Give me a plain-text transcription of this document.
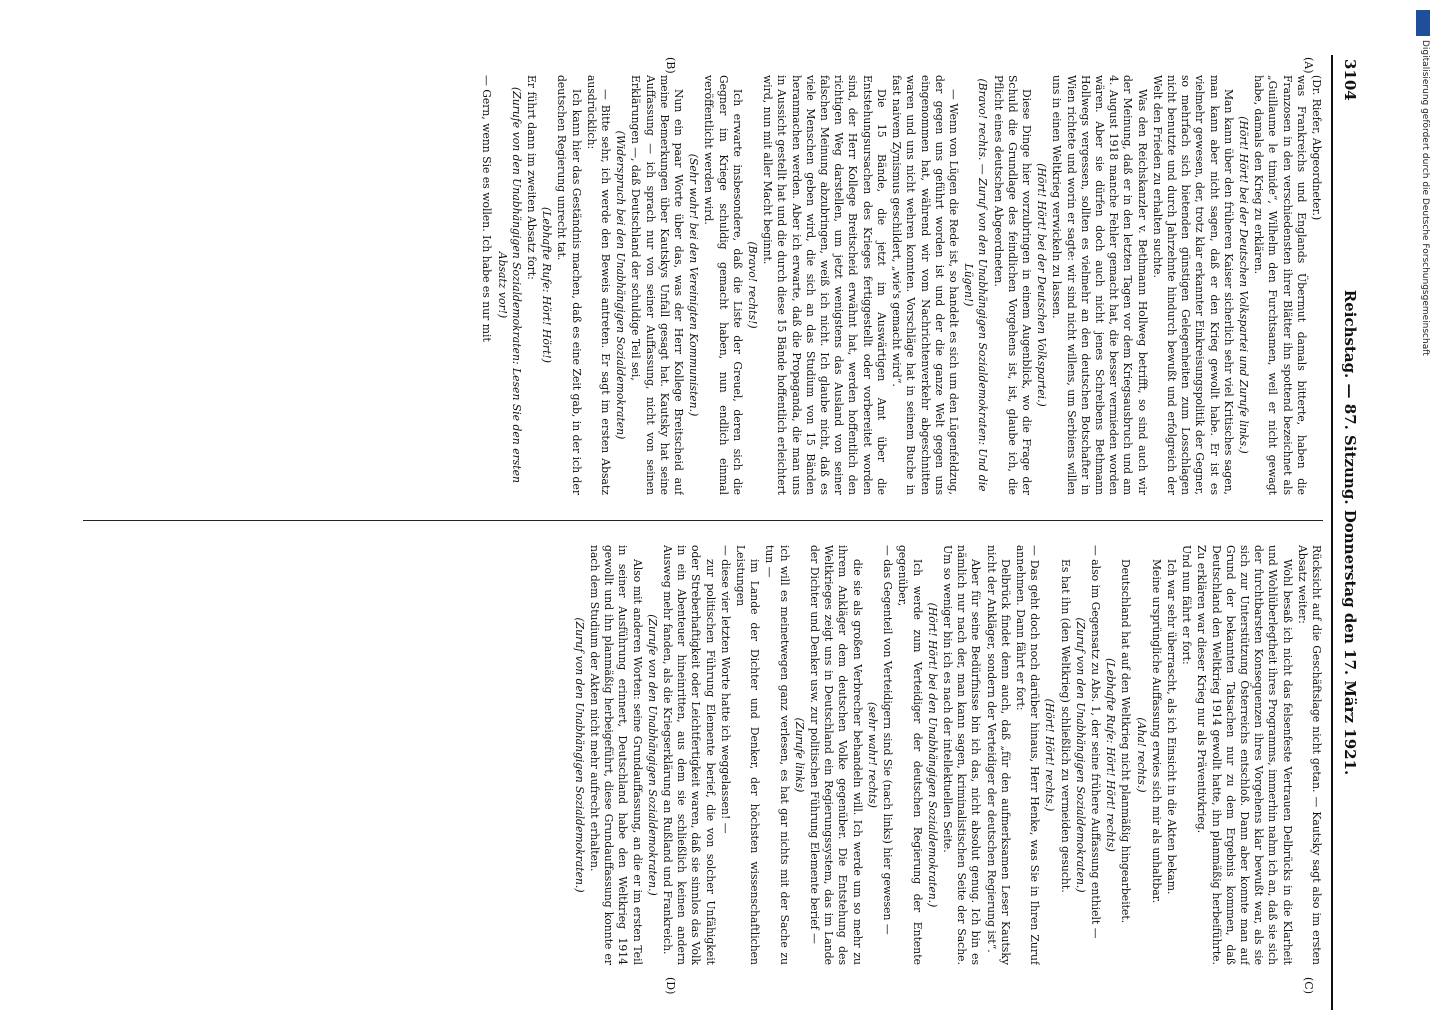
3104
Reichstag. — 87. Sitzung. Donnerstag den 17. März 1921.
(A)
(B)
(C)
(D)

(Dr. Riefer, Abgeordneter.)

was Frankreichs und Englands Übermut damals bitterte, haben die Franzosen in den verschiedensten ihrer Blätter ihn spottend bezeichnet als „Guillaume le timide“, Wilhelm den Furchtsamen, weil er nicht gewagt habe, damals den Krieg zu erklären.

(Hört! Hört! bei der Deutschen Volkspartei und Zurufe links.)

Man kann über den früheren Kaiser sicherlich sehr viel Kritisches sagen, man kann aber nicht sagen, daß er den Krieg gewollt habe. Er ist es vielmehr gewesen, der, trotz klar erkannter Einkreisungspolitik der Gegner, so mehrfach sich bietenden günstigen Gelegenheiten zum Losschlagen nicht benutzte und durch Jahrzehnte hindurch bewußt und erfolgreich der Welt den Frieden zu erhalten suchte.

Was den Reichskanzler v. Bethmann Hollweg betrifft, so sind auch wir der Meinung, daß er in den letzten Tagen vor dem Kriegsausbruch und am 4. August 1918 manche Fehler gemacht hat, die besser vermieden worden wären. Aber sie dürfen doch auch nicht jenes Schreibens Bethmann Hollwegs vergessen, sollten es vielmehr an den deutschen Botschafter in Wien richtete und worin er sagte: wir sind nicht willens, um Serbiens willen uns in einen Weltkrieg verwickeln zu lassen.

(Hört! Hört! bei der Deutschen Volkspartei.)

Diese Dinge hier vorzubringen in einem Augenblick, wo die Frage der Schuld die Grundlage des feindlichen Vorgehens ist, ist, glaube ich, die Pflicht eines deutschen Abgeordneten.

(Bravo! rechts. — Zuruf von den Unabhängigen Sozialdemokraten: Und die Lügen!)

— Wenn von Lügen die Rede ist, so handelt es sich um den Lügenfeldzug, der gegen uns geführt worden ist und der die ganze Welt gegen uns eingenommen hat, während wir vom Nachrichtenverkehr abgeschnitten waren und uns nicht wehren konnten. Vorschläge hat in seinem Buche in fast naivem Zynismus geschildert, „wie's gemacht wird“.

Die 15 Bände, die jetzt im Auswärtigen Amt über die Entstehungsursachen des Krieges fertiggestellt oder vorbereitet worden sind, der Herr Kollege Breitscheid erwähnt hat, werden hoffentlich den richtigen Weg darstellen, um jetzt wenigstens das Ausland von seiner falschen Meinung abzubringen, weiß ich nicht. Ich glaube nicht, daß es viele Menschen geben wird, die sich an das Studium von 15 Bänden heranmachen werden. Aber ich erwarte, daß die Propaganda, die man uns in Aussicht gestellt hat und die durch diese 15 Bände hoffentlich erleichtert wird, nun mit aller Macht beginnt.

(Bravo! rechts!)

Ich erwarte insbesondere, daß die Liste der Greuel, deren sich die Gegner im Kriege schuldig gemacht haben, nun endlich einmal veröffentlicht werden wird.

(Sehr wahr! bei den Vereinigten Kommunisten.)

Nun ein paar Worte über das, was der Herr Kollege Breitscheid auf meine Bemerkungen über Kautskys Unfall gesagt hat. Kautsky hat seine Auffassung — ich sprach nur von seiner Auffassung, nicht von seinen Erklärungen —, daß Deutschland der schuldige Teil sei,

(Widerspruch bei den Unabhängigen Sozialdemokraten)

— Bitte sehr, ich werde den Beweis antreten. Er sagt im ersten Absatz ausdrücklich:

Ich kann hier das Geständnis machen, daß es eine Zeit gab, in der ich der deutschen Regierung unrecht tat.

(Lebhafte Rufe: Hört! Hört!)

Er führt dann im zweiten Absatz fort:

(Zurufe von den Unabhängigen Sozialdemokraten: Lesen Sie den ersten Absatz vor!)

— Gern, wenn Sie es wollen. Ich habe es nur mit

Rücksicht auf die Geschäftslage nicht getan. — Kautsky sagt also im ersten Absatz weiter:

Wohl besaß ich nicht das felsenfeste Vertrauen Delbrücks in die Klarheit und Wohlüberlegtheit ihres Programms, immerhin nahm ich an, daß sie sich der furchtbarsten Konsequenzen ihres Vorgehens klar bewußt war, als sie sich zur Unterstützung Österreichs entschloß. Dann aber konnte man auf Grund der bekannten Tatsachen nur zu dem Ergebnis kommen, daß Deutschland den Weltkrieg 1914 gewollt hatte, ihn planmäßig herbeiführte. Zu erklären war dieser Krieg nur als Präventivkrieg.

Und nun fährt er fort:

Ich war sehr überrascht, als ich Einsicht in die Akten bekam.

Meine ursprüngliche Auffassung erwies sich mir als unhaltbar.

(Aha! rechts.)

Deutschland hat auf den Weltkrieg nicht planmäßig hingearbeitet.

(Lebhafte Rufe: Hört! Hört! rechts)

— also im Gegensatz zu Abs. 1, der seine frühere Auffassung enthielt —

(Zuruf von den Unabhängigen Sozialdemokraten.)

Es hat ihn (den Weltkrieg) schließlich zu vermeiden gesucht.

(Hört! Hört! rechts.)

— Das geht doch noch darüber hinaus, Herr Henke, was Sie in Ihren Zuruf annehmen. Dann fährt er fort:

Delbrück findet denn auch, daß „für den aufmerksamen Leser Kautsky nicht der Ankläger, sondern der Verteidiger der deutschen Regierung ist“.

Aber für seine Bedürfnisse bin ich das, nicht absolut genug. Ich bin es nämlich nur nach der, man kann sagen, kriminalistischen Seite der Sache. Um so weniger bin ich es nach der intellektuellen Seite.

(Hört! Hört! bei den Unabhängigen Sozialdemokraten.)

Ich werde zum Verteidiger der deutschen Regierung der Entente gegenüber,

— das Gegenteil von Verteidigern sind Sie (nach links) hier gewesen —

(sehr wahr! rechts)

die sie als großen Verbrecher behandeln will. Ich werde um so mehr zu ihrem Ankläger dem deutschen Volke gegenüber. Die Entstehung des Weltkrieges zeigt uns in Deutschland ein Regierungssystem, das im Lande der Dichter und Denker usw. zur politischen Führung Elemente berief —

(Zurufe links)

ich will es meinetwegen ganz verlesen, es hat gar nichts mit der Sache zu tun —

im Lande der Dichter und Denker, der höchsten wissenschaftlichen Leistungen

— diese vier letzten Worte hatte ich weggelassen! —

zur politischen Führung Elemente berief, die von solcher Unfähigkeit oder Streberhaftigkeit oder Leichtfertigkeit waren, daß sie sinnlos das Volk in ein Abenteuer hineinritten, aus dem sie schließlich keinen andern Ausweg mehr fanden, als die Kriegserklärung an Rußland und Frankreich.

(Zurufe von den Unabhängigen Sozialdemokraten.)

Also mit anderen Worten: seine Grundauffassung, an die er im ersten Teil in seiner Ausführung erinnert, Deutschland habe den Weltkrieg 1914 gewollt und ihn planmäßig herbeigeführt, diese Grundauffassung konnte er nach dem Studium der Akten nicht mehr aufrecht erhalten.

(Zuruf von den Unabhängigen Sozialdemokraten.)

Digitalisierung gefördert durch die Deutsche Forschungsgemeinschaft
